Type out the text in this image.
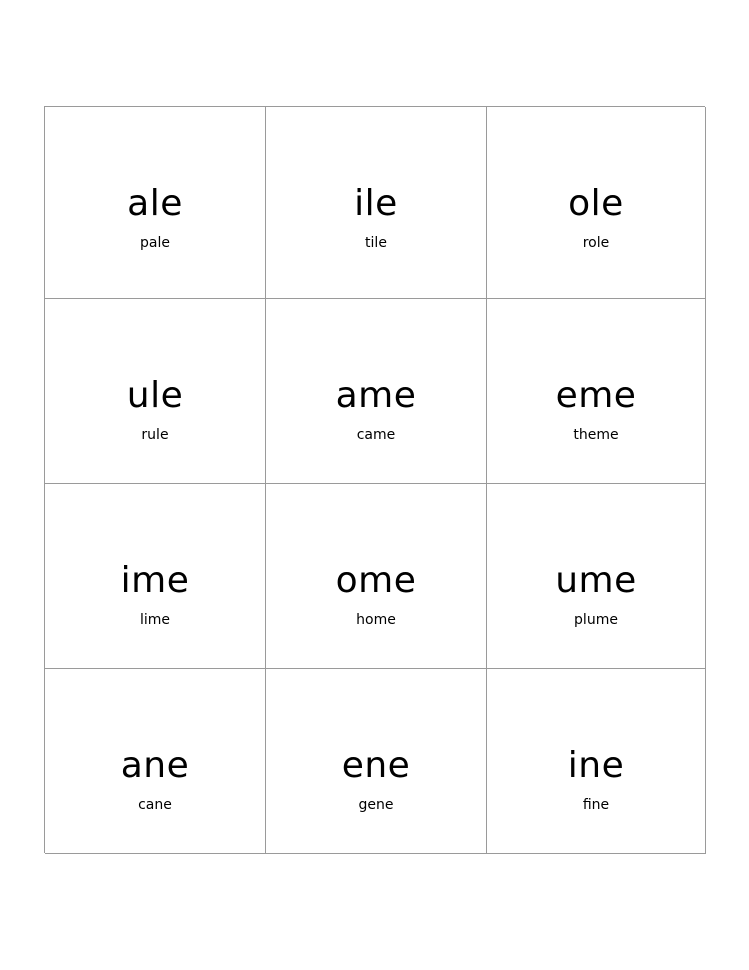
ale
pale
ile
tile
ole
role
ule
rule
ame
came
eme
theme
ime
lime
ome
home
ume
plume
ane
cane
ene
gene
ine
fine
